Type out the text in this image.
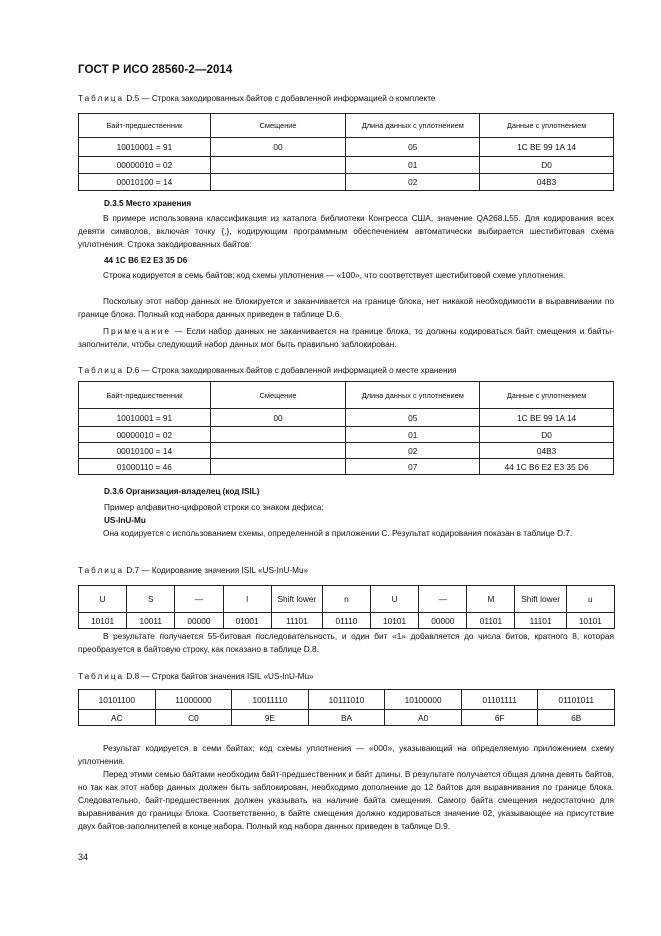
ГОСТ Р ИСО 28560-2—2014
Таблица D.5 — Строка закодированных байтов с добавленной информацией о комплекте
Байт-предшественник	Смещение	Длина данных с уплотнением	Данные с уплотнением
10010001 = 91	00	05	1C BE 99 1A 14
00000010 = 02		01	D0
00010100 = 14		02	04B3
D.3.5 Место хранения
В примере использована классификация из каталога библиотеки Конгресса США, значение QA268.L55. Для кодирования всех девяти символов, включая точку {.}, кодирующим программным обеспечением автоматически выбирается шестибитовая схема уплотнения. Строка закодированных байтов:
44 1C B6 E2 E3 35 D6
Строка кодируется в семь байтов; код схемы уплотнения — «100», что соответствует шестибитовой схеме уплотнения.
Поскольку этот набор данных не блокируется и заканчивается на границе блока, нет никакой необходимости в выравнивании по границе блока. Полный код набора данных приведен в таблице D.6.
Примечание — Если набор данных не заканчивается на границе блока, то должны кодироваться байт смещения и байты-заполнители, чтобы следующий набор данных мог быть правильно заблокирован.
Таблица D.6 — Строка закодированных байтов с добавленной информацией о месте хранения
Байт-предшественник	Смещение	Длина данных с уплотнением	Данные с уплотнением
10010001 = 91	00	05	1C BE 99 1A 14
00000010 = 02		01	D0
00010100 = 14		02	04B3
01000110 = 46		07	44 1C B6 E2 E3 35 D6
D.3.6 Организация-владелец (код ISIL)
Пример алфавитно-цифровой строки со знаком дефиса:
US-InU-Mu
Она кодируется с использованием схемы, определенной в приложении С. Результат кодирования показан в таблице D.7.
Таблица D.7 — Кодирование значения ISIL «US-InU-Mu»
U	S	—	I	Shift lower	n	U	—	M	Shift lower	u
10101	10011	00000	01001	11101	01110	10101	00000	01101	11101	10101
В результате получается 55-битовая последовательность, и один бит «1» добавляется до числа битов, кратного 8, которая преобразуется в байтовую строку, как показано в таблице D.8.
Таблица D.8 — Строка байтов значения ISIL «US-InU-Mu»
10101100	11000000	10011110	10111010	10100000	01101111	01101011
AC	C0	9E	BA	A0	6F	6B
Результат кодируется в семи байтах; код схемы уплотнения — «000», указывающий на определяемую приложением схему уплотнения.
Перед этими семью байтами необходим байт-предшественник и байт длины. В результате получается общая длина девять байтов, но так как этот набор данных должен быть заблокирован, необходимо дополнение до 12 байтов для выравнивания по границе блока. Следовательно, байт-предшественник должен указывать на наличие байта смещения. Самого байта смещения недостаточно для выравнивания до границы блока. Соответственно, в байте смещения должно кодироваться значение 02, указывающее на присутствие двух байтов-заполнителей в конце набора. Полный код набора данных приведен в таблице D.9.
34
